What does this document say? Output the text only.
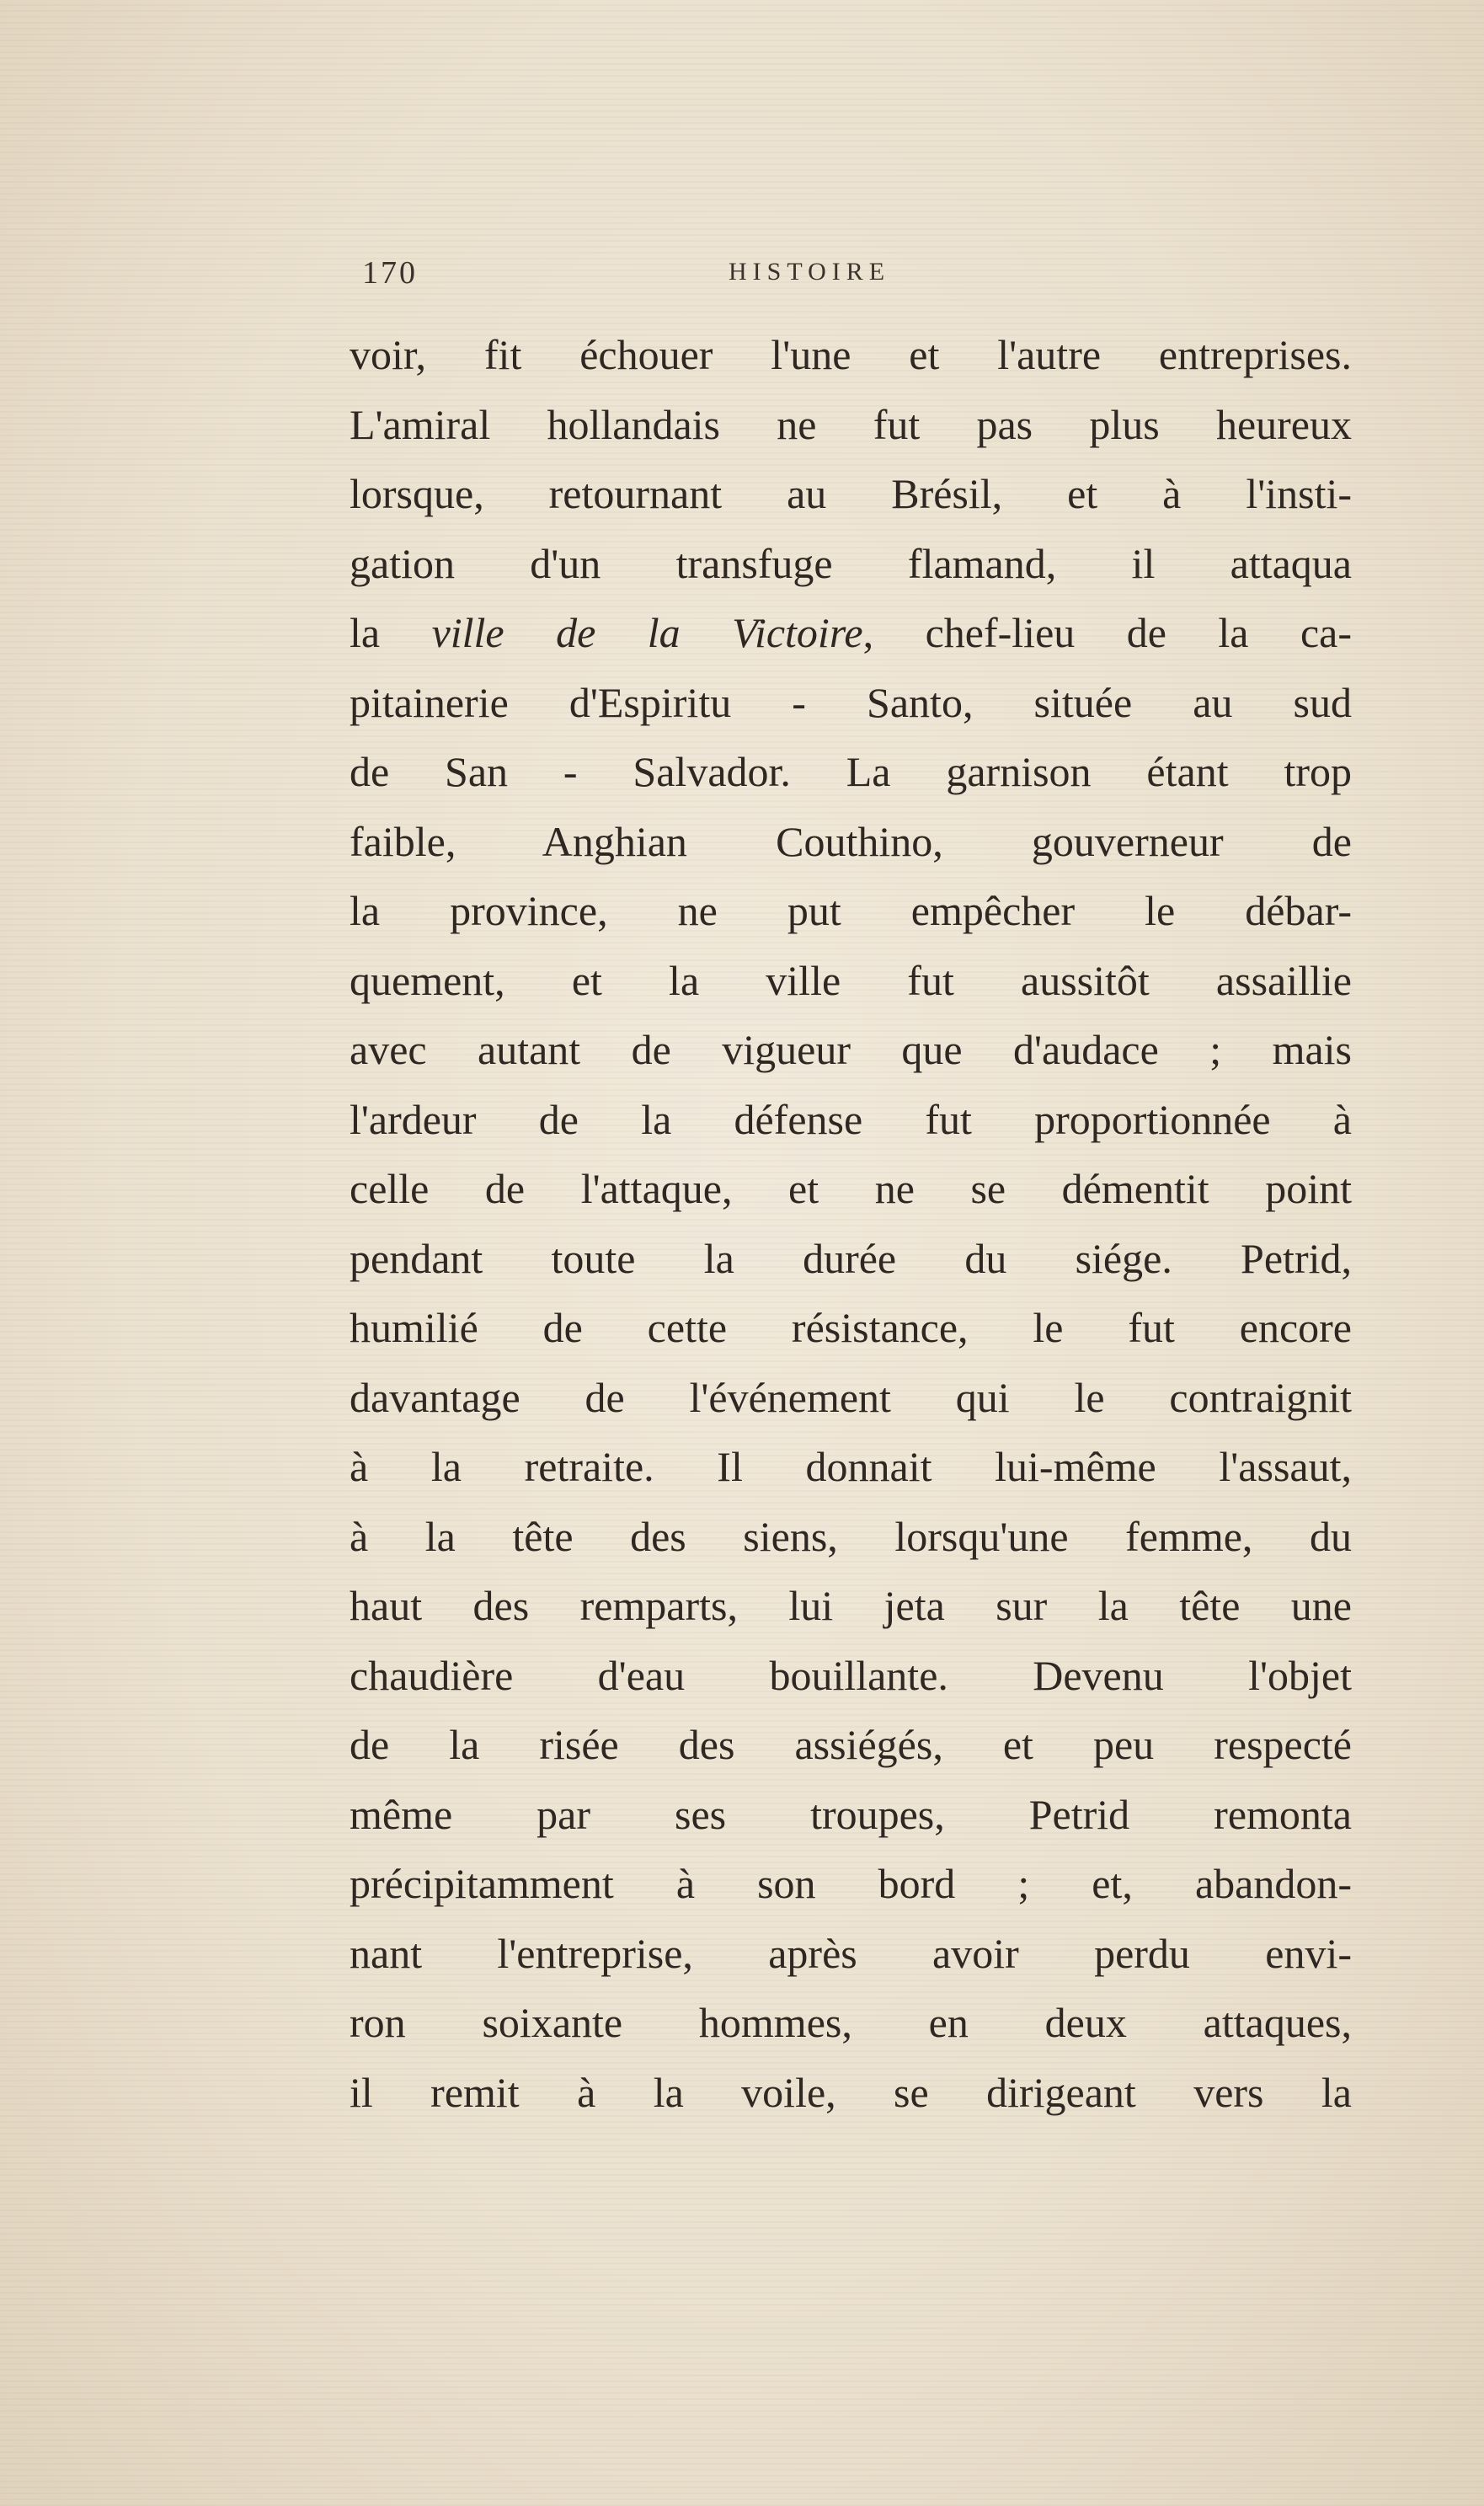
170	HISTOIRE
voir, fit échouer l'une et l'autre entreprises.
L'amiral hollandais ne fut pas plus heureux
lorsque, retournant au Brésil, et à l'insti-
gation d'un transfuge flamand, il attaqua
la ville de la Victoire, chef-lieu de la ca-
pitainerie d'Espiritu - Santo, située au sud
de San - Salvador. La garnison étant trop
faible, Anghian Couthino, gouverneur de
la province, ne put empêcher le débar-
quement, et la ville fut aussitôt assaillie
avec autant de vigueur que d'audace ; mais
l'ardeur de la défense fut proportionnée à
celle de l'attaque, et ne se démentit point
pendant toute la durée du siége. Petrid,
humilié de cette résistance, le fut encore
davantage de l'événement qui le contraignit
à la retraite. Il donnait lui-même l'assaut,
à la tête des siens, lorsqu'une femme, du
haut des remparts, lui jeta sur la tête une
chaudière d'eau bouillante. Devenu l'objet
de la risée des assiégés, et peu respecté
même par ses troupes, Petrid remonta
précipitamment à son bord ; et, abandon-
nant l'entreprise, après avoir perdu envi-
ron soixante hommes, en deux attaques,
il remit à la voile, se dirigeant vers la
